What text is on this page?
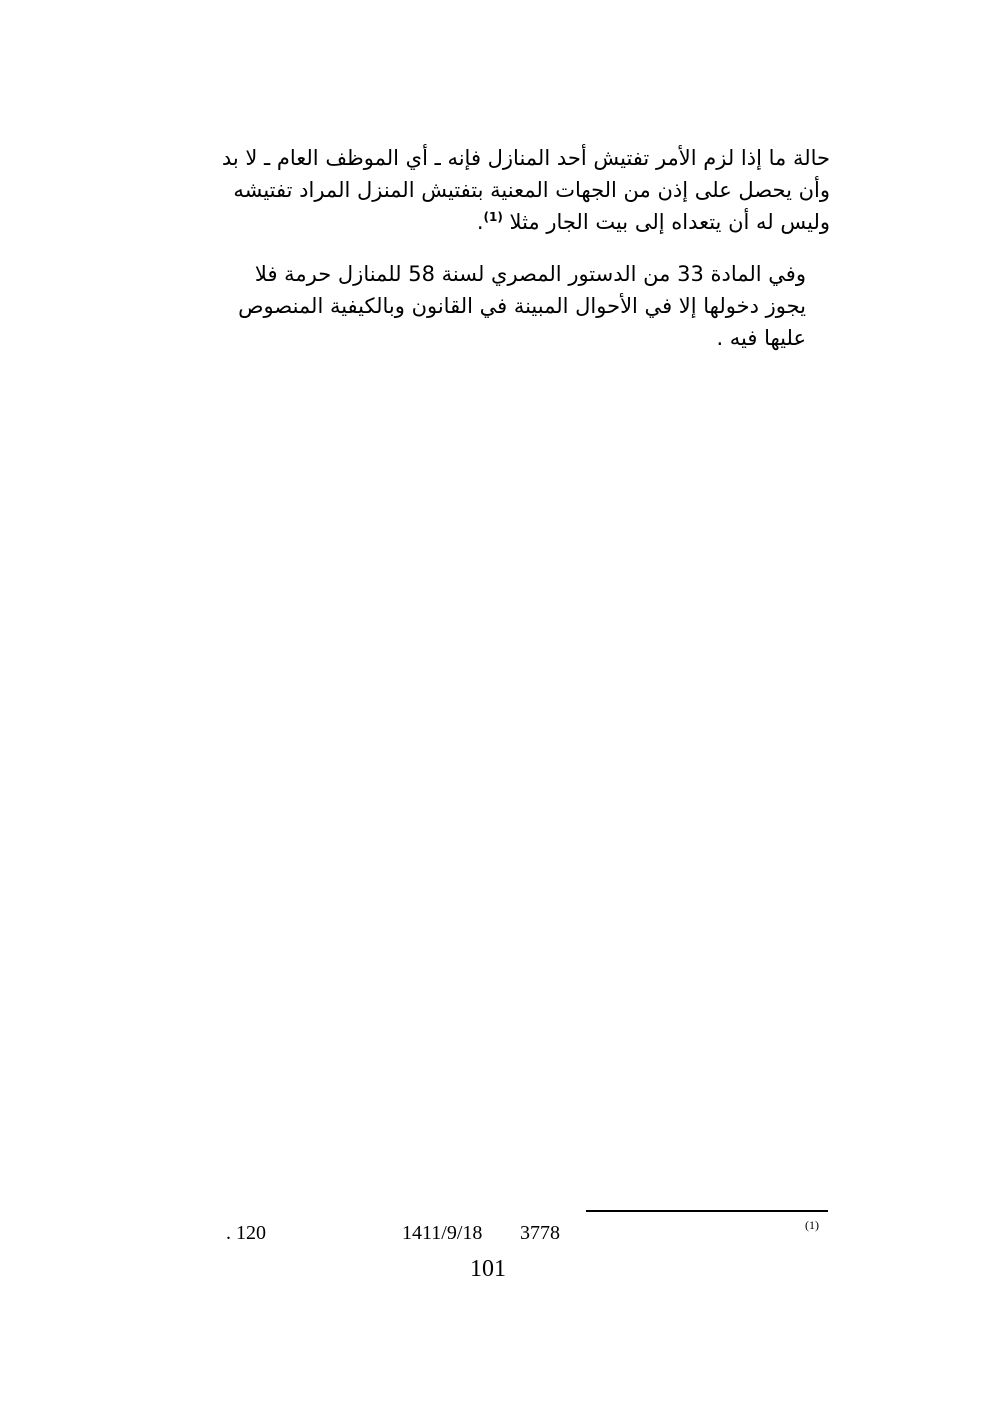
حالة ما إذا لزم الأمر تفتيش أحد المنازل فإنه ـ أي الموظف العام ـ لا بد
وأن يحصل على إذن من الجهات المعنية بتفتيش المنزل المراد تفتيشه
وليس له أن يتعداه إلى بيت الجار مثلا $^{(1)}$.
وفي المادة 33 من الدستور المصري لسنة 58 للمنازل حرمة فلا
يجوز دخولها إلا في الأحوال المبينة في القانون وبالكيفية المنصوص
عليها فيه .
(1)
3778
1411/9/18
. 120
101
